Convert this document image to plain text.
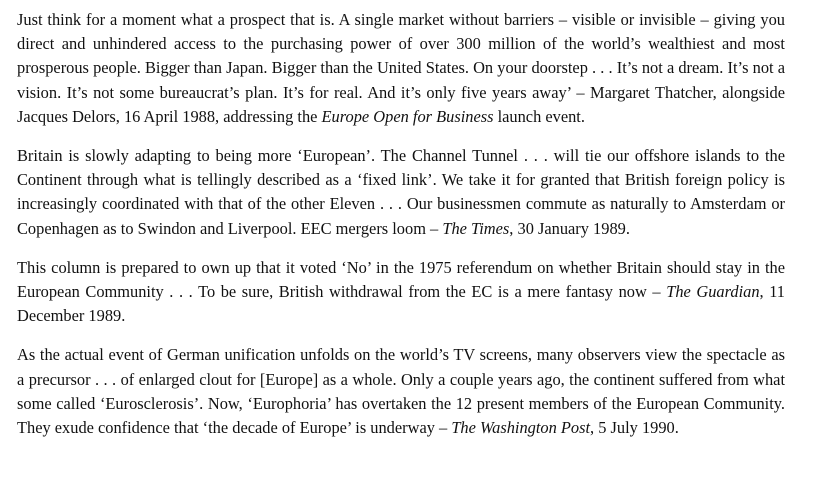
Just think for a moment what a prospect that is. A single market without barriers – visible or invisible – giving you direct and unhindered access to the purchasing power of over 300 million of the world’s wealthiest and most prosperous people. Bigger than Japan. Bigger than the United States. On your doorstep . . . It’s not a dream. It’s not a vision. It’s not some bureaucrat’s plan. It’s for real. And it’s only five years away’ – Margaret Thatcher, alongside Jacques Delors, 16 April 1988, addressing the Europe Open for Business launch event.

Britain is slowly adapting to being more ‘European’. The Channel Tunnel . . . will tie our offshore islands to the Continent through what is tellingly described as a ‘fixed link’. We take it for granted that British foreign policy is increasingly coordinated with that of the other Eleven . . . Our businessmen commute as naturally to Amsterdam or Copenhagen as to Swindon and Liverpool. EEC mergers loom – The Times, 30 January 1989.

This column is prepared to own up that it voted ‘No’ in the 1975 referendum on whether Britain should stay in the European Community . . . To be sure, British withdrawal from the EC is a mere fantasy now – The Guardian, 11 December 1989.

As the actual event of German unification unfolds on the world’s TV screens, many observers view the spectacle as a precursor . . . of enlarged clout for [Europe] as a whole. Only a couple years ago, the continent suffered from what some called ‘Eurosclerosis’. Now, ‘Europhoria’ has overtaken the 12 present members of the European Community. They exude confidence that ‘the decade of Europe’ is underway – The Washington Post, 5 July 1990.
